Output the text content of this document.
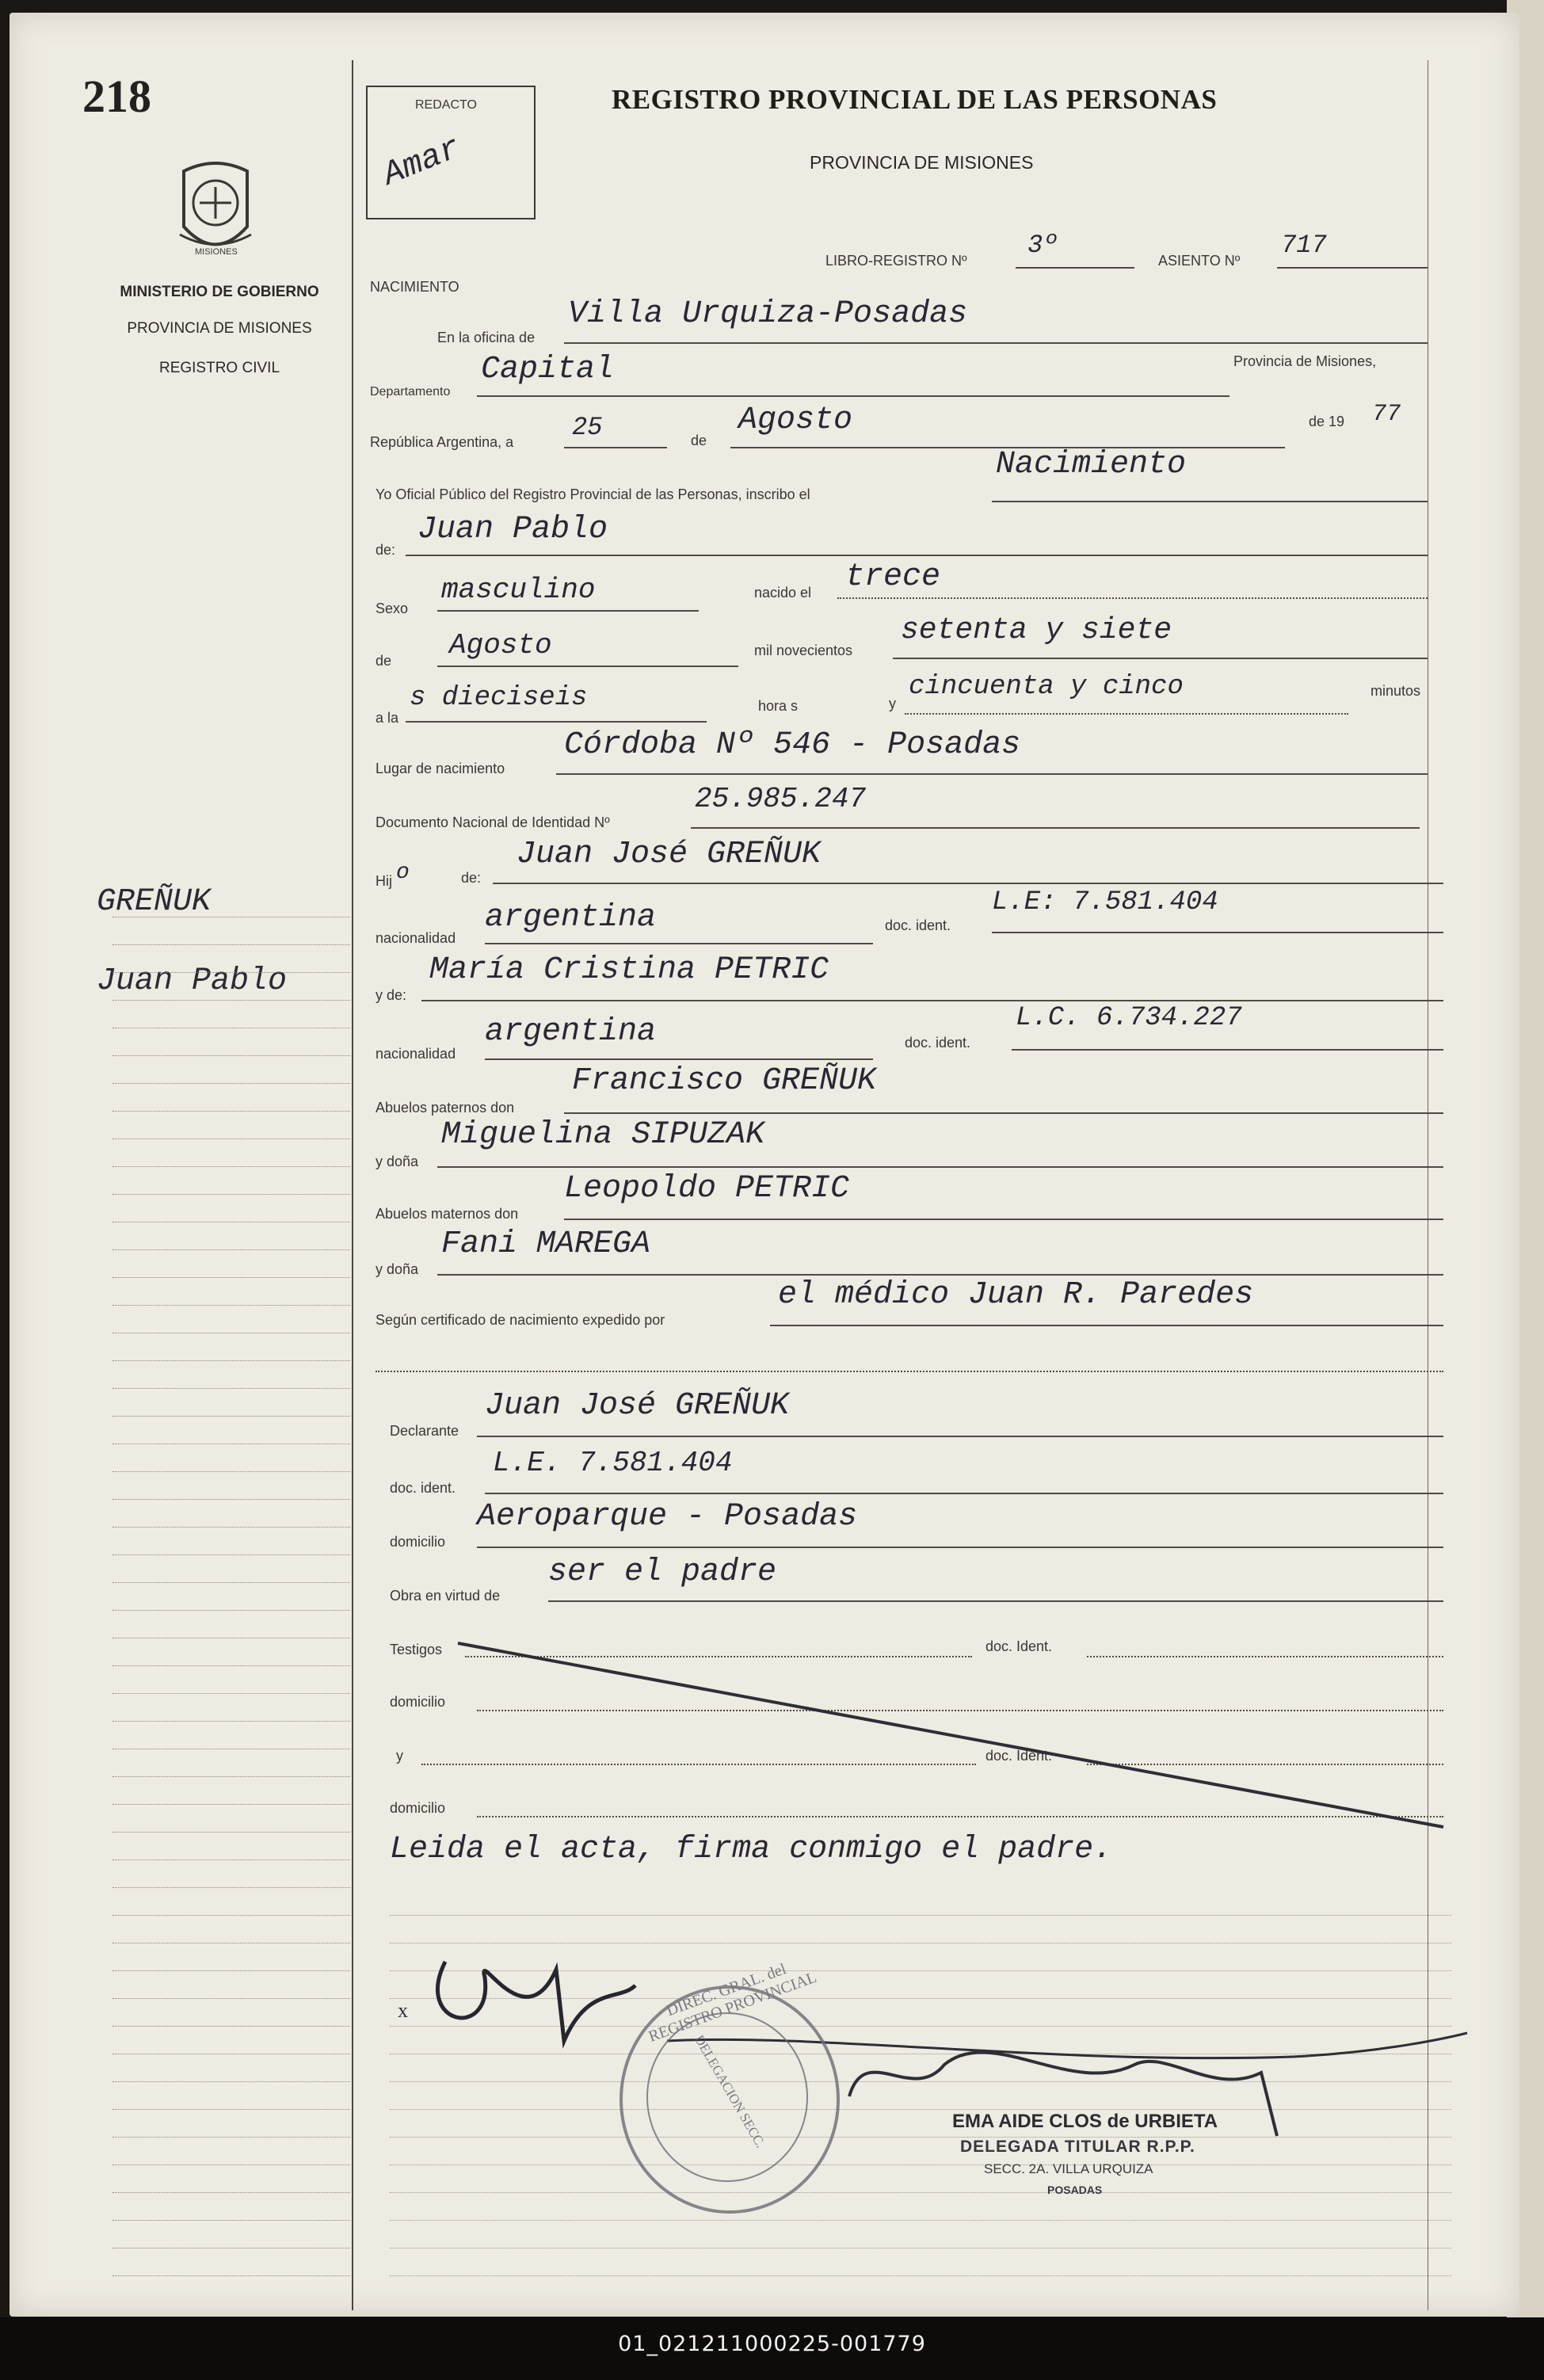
218
MISIONES
MINISTERIO DE GOBIERNO
PROVINCIA DE MISIONES
REGISTRO CIVIL
GREÑUK
Juan Pablo
REDACTO
Amar
REGISTRO PROVINCIAL DE LAS PERSONAS
PROVINCIA DE MISIONES
LIBRO-REGISTRO Nº
3º
ASIENTO Nº
717
NACIMIENTO
En la oficina de
Villa Urquiza-Posadas
Departamento
Capital	Provincia de Misiones,
República Argentina, a 25	de
Agosto	de 19 77
Yo Oficial Público del Registro Provincial de las Personas, inscribo el
Nacimiento
de:
Juan Pablo
Sexo
masculino	nacido el trece
de Agosto	mil novecientos
setenta y siete
a la
s dieciseis	hora s	y
cincuenta y cinco	minutos
Lugar de nacimiento
Córdoba Nº 546 - Posadas
Documento Nacional de Identidad Nº
25.985.247
Hij o	de:
Juan José GREÑUK
nacionalidad
argentina	doc. ident.
L.E: 7.581.404
y de:
María Cristina PETRIC
nacionalidad
argentina	doc. ident.
L.C. 6.734.227
Abuelos paternos don
Francisco GREÑUK
y doña
Miguelina SIPUZAK
Abuelos maternos don
Leopoldo PETRIC
y doña
Fani MAREGA
Según certificado de nacimiento expedido por
el médico Juan R. Paredes
Declarante
Juan José GREÑUK
doc. ident.
L.E. 7.581.404
domicilio
Aeroparque - Posadas
Obra en virtud de
ser el padre
Testigos	doc. Ident.
domicilio
y	doc. Ident.
domicilio
Leida el acta, firma conmigo el padre.
x	DIREC. GRAL. del REGISTRO PROVINCIAL
DELEGACION SECC.	EMA AIDE CLOS de URBIETA
DELEGADA TITULAR R.P.P.
SECC. 2A. VILLA URQUIZA
POSADAS
01_021211000225-001779
